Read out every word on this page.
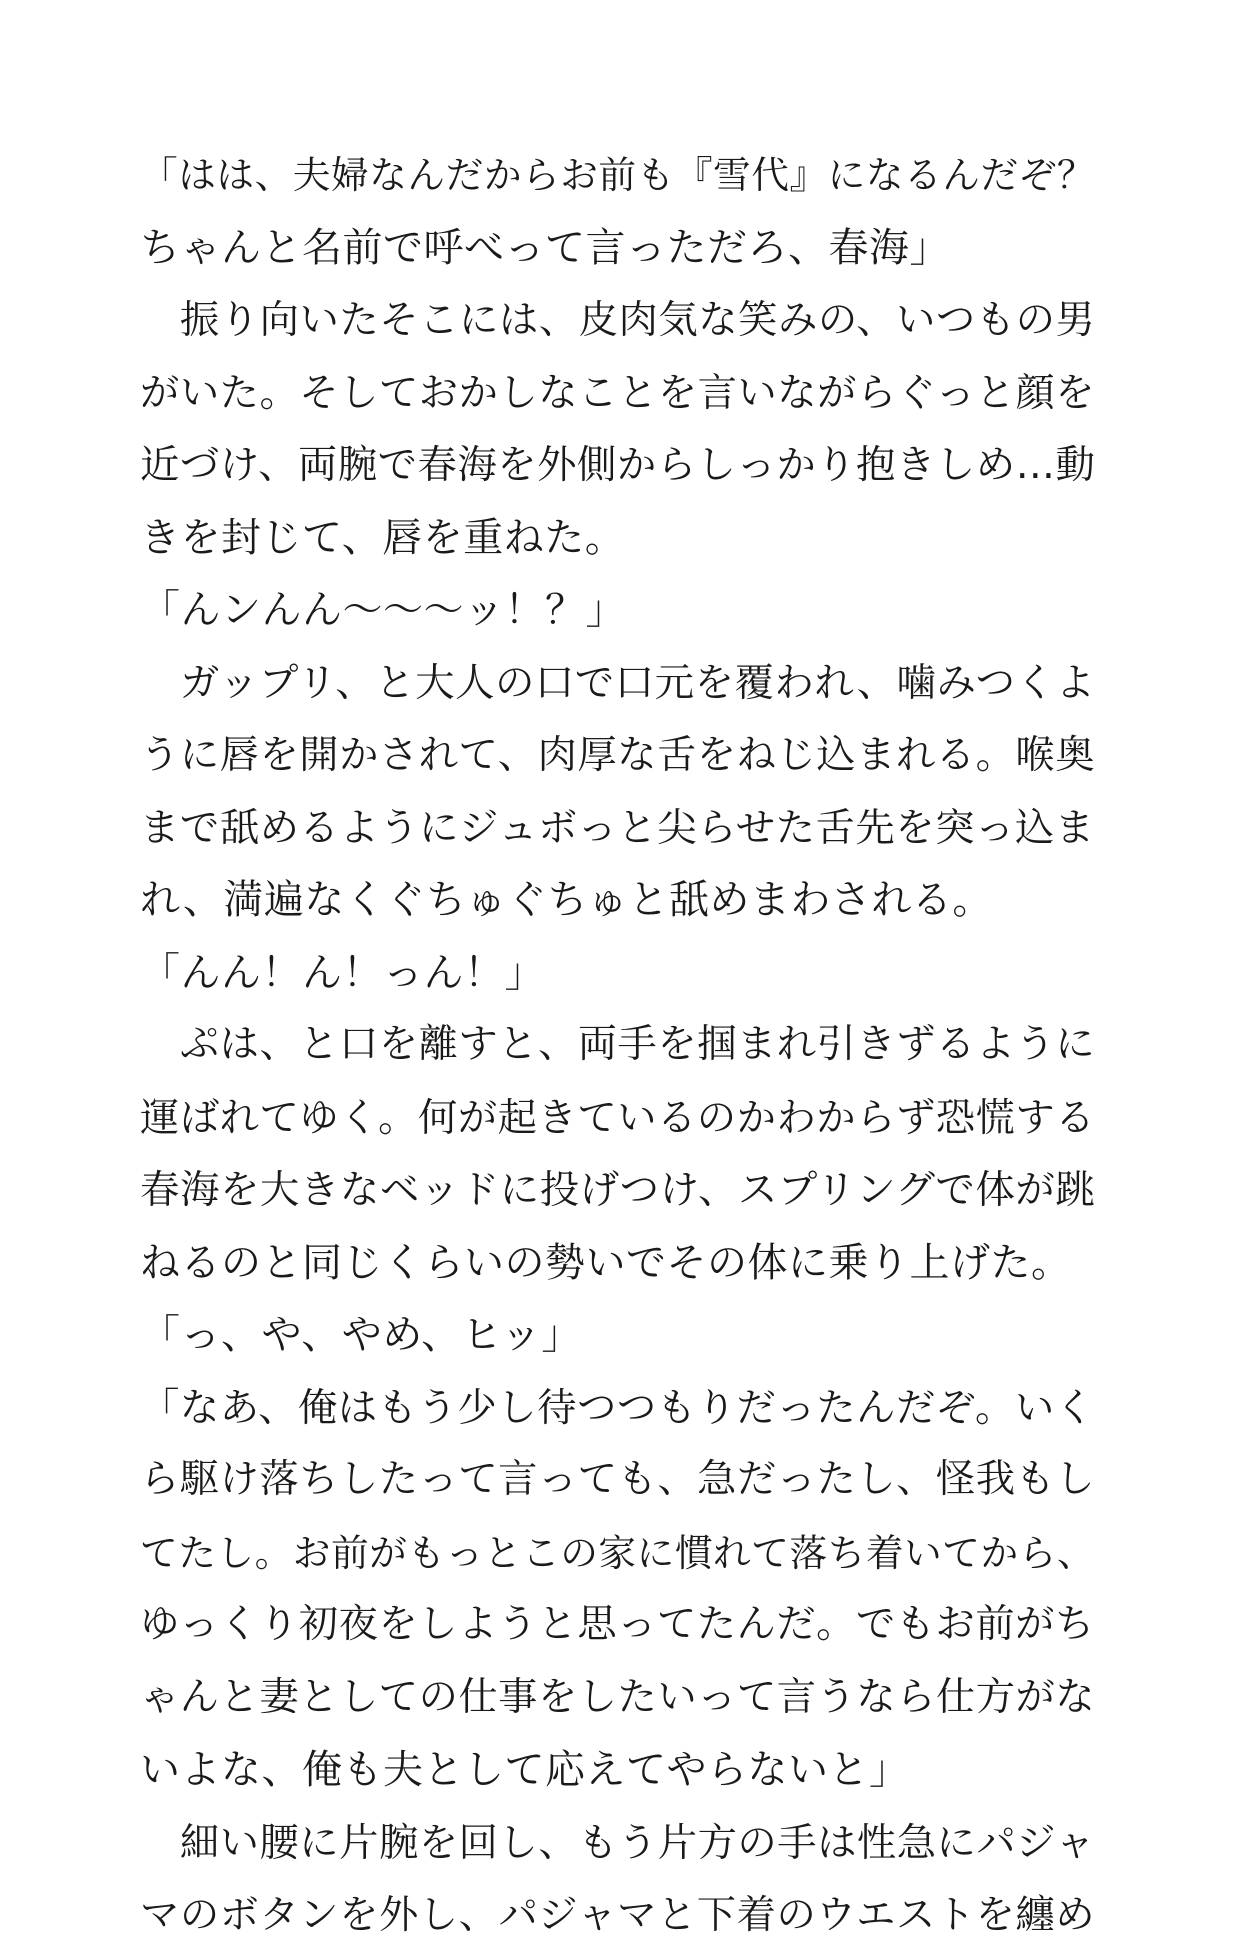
「はは、夫婦なんだからお前も『雪代』になるんだぞ？
ちゃんと名前で呼べって言っただろ、春海」
　振り向いたそこには、皮肉気な笑みの、いつもの男
がいた。そしておかしなことを言いながらぐっと顔を
近づけ、両腕で春海を外側からしっかり抱きしめ…動
きを封じて、唇を重ねた。
「んンんん〜〜〜ッ！？」
　ガップリ、と大人の口で口元を覆われ、噛みつくよ
うに唇を開かされて、肉厚な舌をねじ込まれる。喉奥
まで舐めるようにジュボっと尖らせた舌先を突っ込ま
れ、満遍なくぐちゅぐちゅと舐めまわされる。
「んん！ん！っん！」
　ぷは、と口を離すと、両手を掴まれ引きずるように
運ばれてゆく。何が起きているのかわからず恐慌する
春海を大きなベッドに投げつけ、スプリングで体が跳
ねるのと同じくらいの勢いでその体に乗り上げた。
「っ、や、やめ、ヒッ」
「なあ、俺はもう少し待つつもりだったんだぞ。いく
ら駆け落ちしたって言っても、急だったし、怪我もし
てたし。お前がもっとこの家に慣れて落ち着いてから、
ゆっくり初夜をしようと思ってたんだ。でもお前がち
ゃんと妻としての仕事をしたいって言うなら仕方がな
いよな、俺も夫として応えてやらないと」
　細い腰に片腕を回し、もう片方の手は性急にパジャ
マのボタンを外し、パジャマと下着のウエストを纏め
